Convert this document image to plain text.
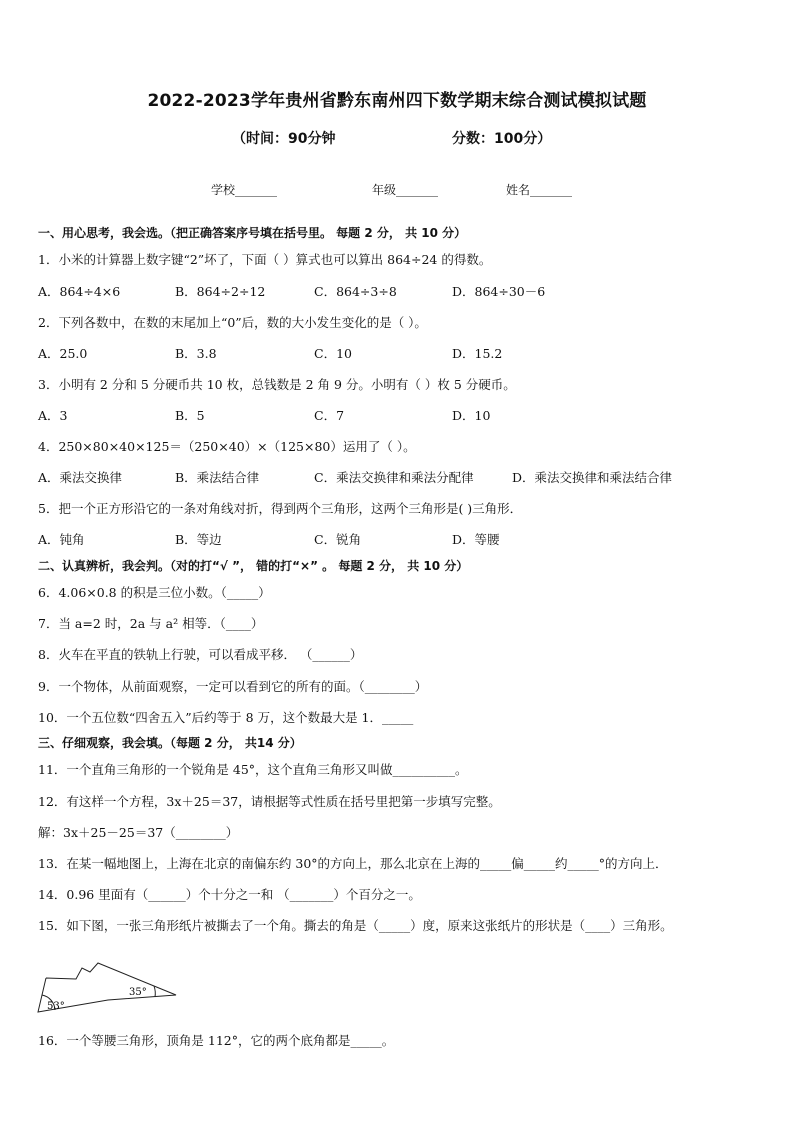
2022-2023学年贵州省黔东南州四下数学期末综合测试模拟试题
（时间：90分钟	分数：100分）
学校_______	年级_______	姓名_______
一、用心思考，我会选。（把正确答案序号填在括号里。 每题 2 分， 共 10 分）
1．小米的计算器上数字键“2”坏了，下面（ ）算式也可以算出 864÷24 的得数。
A．864÷4×6	B．864÷2÷12	C．864÷3÷8	D．864÷30－6
2．下列各数中，在数的末尾加上“0”后，数的大小发生变化的是（ ）。
A．25.0	B．3.8	C．10	D．15.2
3．小明有 2 分和 5 分硬币共 10 枚，总钱数是 2 角 9 分。小明有（ ）枚 5 分硬币。
A．3	B．5	C．7	D．10
4．250×80×40×125＝（250×40）×（125×80）运用了（ ）。
A．乘法交换律	B．乘法结合律	C．乘法交换律和乘法分配律	D．乘法交换律和乘法结合律
5．把一个正方形沿它的一条对角线对折，得到两个三角形，这两个三角形是( )三角形．
A．钝角	B．等边	C．锐角	D．等腰
二、认真辨析，我会判。（对的打“√ ”， 错的打“×” 。 每题 2 分， 共 10 分）
6．4.06×0.8 的积是三位小数。（_____）
7．当 a=2 时，2a 与 a² 相等．（____）
8．火车在平直的铁轨上行驶，可以看成平移． （______）
9．一个物体，从前面观察，一定可以看到它的所有的面。（________）
10．一个五位数“四舍五入”后约等于 8 万，这个数最大是 1．_____
三、仔细观察，我会填。（每题 2 分， 共14 分）
11．一个直角三角形的一个锐角是 45°，这个直角三角形又叫做__________。
12．有这样一个方程，3x＋25＝37，请根据等式性质在括号里把第一步填写完整。
解：3x＋25－25＝37（________）
13．在某一幅地图上，上海在北京的南偏东约 30°的方向上，那么北京在上海的_____偏_____约_____°的方向上．
14．0.96 里面有（______）个十分之一和 （_______）个百分之一。
15．如下图，一张三角形纸片被撕去了一个角。撕去的角是（_____）度，原来这张纸片的形状是（____）三角形。
53°
35°
16．一个等腰三角形，顶角是 112°，它的两个底角都是_____。
